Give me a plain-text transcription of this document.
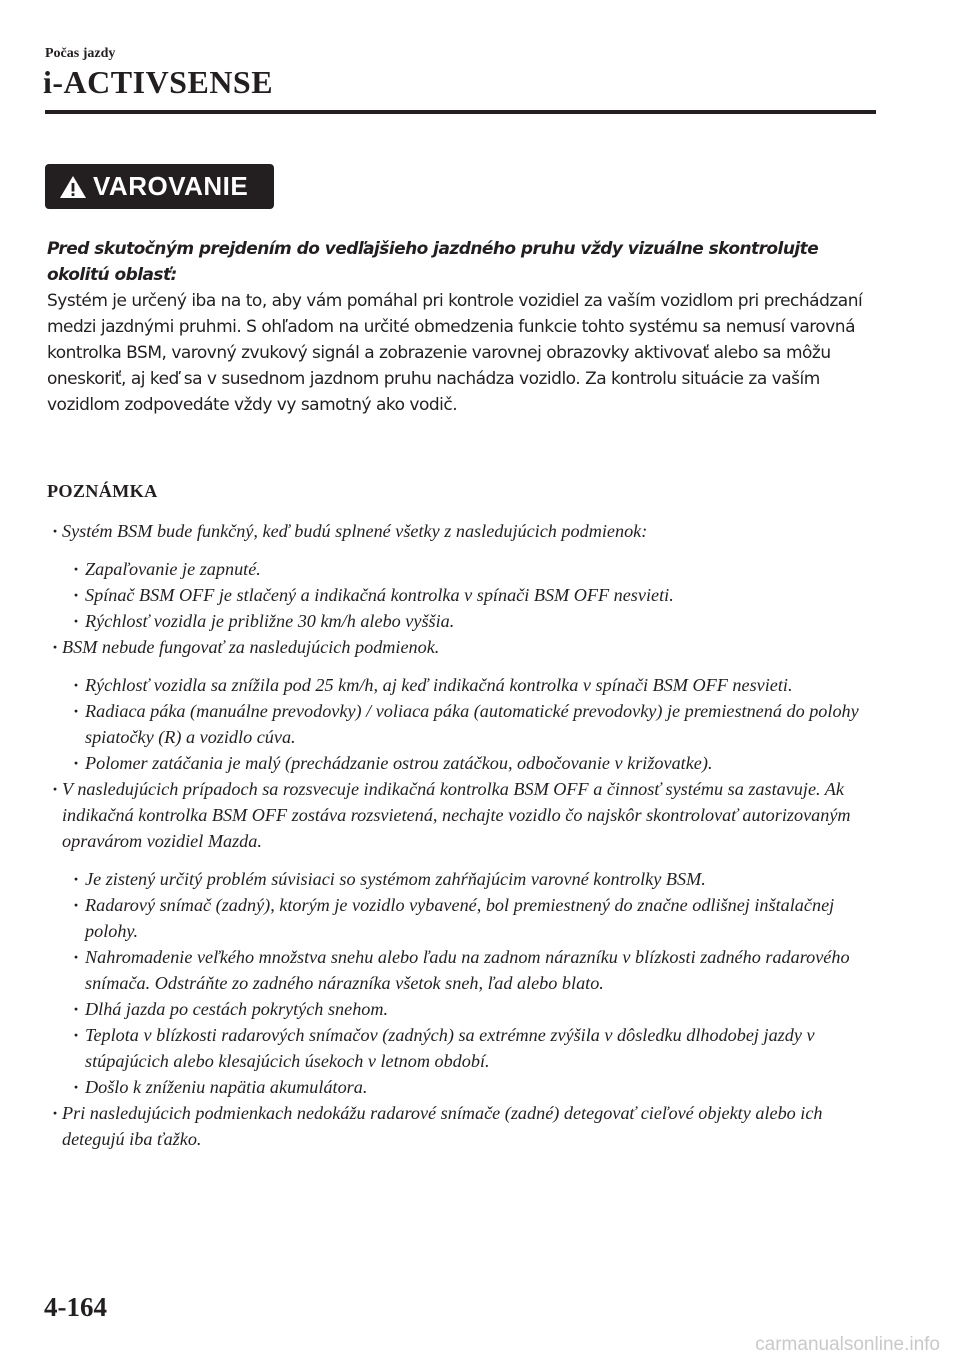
Počas jazdy
i-ACTIVSENSE
VAROVANIE
Pred skutočným prejdením do vedľajšieho jazdného pruhu vždy vizuálne skontrolujte okolitú oblasť:
Systém je určený iba na to, aby vám pomáhal pri kontrole vozidiel za vaším vozidlom pri prechádzaní medzi jazdnými pruhmi. S ohľadom na určité obmedzenia funkcie tohto systému sa nemusí varovná kontrolka BSM, varovný zvukový signál a zobrazenie varovnej obrazovky aktivovať alebo sa môžu oneskoriť, aj keď sa v susednom jazdnom pruhu nachádza vozidlo. Za kontrolu situácie za vaším vozidlom zodpovedáte vždy vy samotný ako vodič.
POZNÁMKA
· Systém BSM bude funkčný, keď budú splnené všetky z nasledujúcich podmienok:
· Zapaľovanie je zapnuté.
· Spínač BSM OFF je stlačený a indikačná kontrolka v spínači BSM OFF nesvieti.
· Rýchlosť vozidla je približne 30 km/h alebo vyššia.
· BSM nebude fungovať za nasledujúcich podmienok.
· Rýchlosť vozidla sa znížila pod 25 km/h, aj keď indikačná kontrolka v spínači BSM OFF nesvieti.
· Radiaca páka (manuálne prevodovky) / voliaca páka (automatické prevodovky) je premiestnená do polohy spiatočky (R) a vozidlo cúva.
· Polomer zatáčania je malý (prechádzanie ostrou zatáčkou, odbočovanie v križovatke).
· V nasledujúcich prípadoch sa rozsvecuje indikačná kontrolka BSM OFF a činnosť systému sa zastavuje. Ak indikačná kontrolka BSM OFF zostáva rozsvietená, nechajte vozidlo čo najskôr skontrolovať autorizovaným opravárom vozidiel Mazda.
· Je zistený určitý problém súvisiaci so systémom zahŕňajúcim varovné kontrolky BSM.
· Radarový snímač (zadný), ktorým je vozidlo vybavené, bol premiestnený do značne odlišnej inštalačnej polohy.
· Nahromadenie veľkého množstva snehu alebo ľadu na zadnom nárazníku v blízkosti zadného radarového snímača. Odstráňte zo zadného nárazníka všetok sneh, ľad alebo blato.
· Dlhá jazda po cestách pokrytých snehom.
· Teplota v blízkosti radarových snímačov (zadných) sa extrémne zvýšila v dôsledku dlhodobej jazdy v stúpajúcich alebo klesajúcich úsekoch v letnom období.
· Došlo k zníženiu napätia akumulátora.
· Pri nasledujúcich podmienkach nedokážu radarové snímače (zadné) detegovať cieľové objekty alebo ich detegujú iba ťažko.
4-164
carmanualsonline.info
